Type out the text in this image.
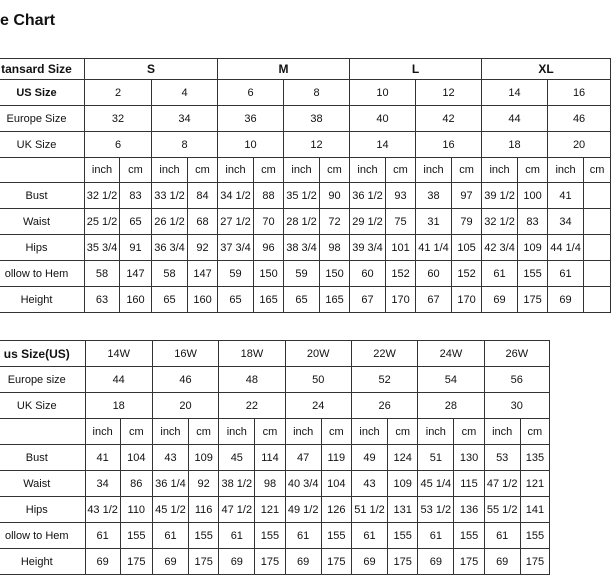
e Chart
tansard Size	S				M				L				XL			
US Size	2		4		6		8		10		12		14		16	
Europe Size	32		34		36		38		40		42		44		46	
UK Size	6		8		10		12		14		16		18		20	
	inch	cm	inch	cm	inch	cm	inch	cm	inch	cm	inch	cm	inch	cm	inch	cm
Bust	32 1/2	83	33 1/2	84	34 1/2	88	35 1/2	90	36 1/2	93	38	97	39 1/2	100	41	
Waist	25 1/2	65	26 1/2	68	27 1/2	70	28 1/2	72	29 1/2	75	31	79	32 1/2	83	34	
Hips	35 3/4	91	36 3/4	92	37 3/4	96	38 3/4	98	39 3/4	101	41 1/4	105	42 3/4	109	44 1/4	
ollow to Hem	58	147	58	147	59	150	59	150	60	152	60	152	61	155	61	
Height	63	160	65	160	65	165	65	165	67	170	67	170	69	175	69	
us Size(US)	14W		16W		18W		20W		22W		24W		26W	
Europe size	44		46		48		50		52		54		56	
UK Size	18		20		22		24		26		28		30	
	inch	cm	inch	cm	inch	cm	inch	cm	inch	cm	inch	cm	inch	cm
Bust	41	104	43	109	45	114	47	119	49	124	51	130	53	135
Waist	34	86	36 1/4	92	38 1/2	98	40 3/4	104	43	109	45 1/4	115	47 1/2	121
Hips	43 1/2	110	45 1/2	116	47 1/2	121	49 1/2	126	51 1/2	131	53 1/2	136	55 1/2	141
ollow to Hem	61	155	61	155	61	155	61	155	61	155	61	155	61	155
Height	69	175	69	175	69	175	69	175	69	175	69	175	69	175
